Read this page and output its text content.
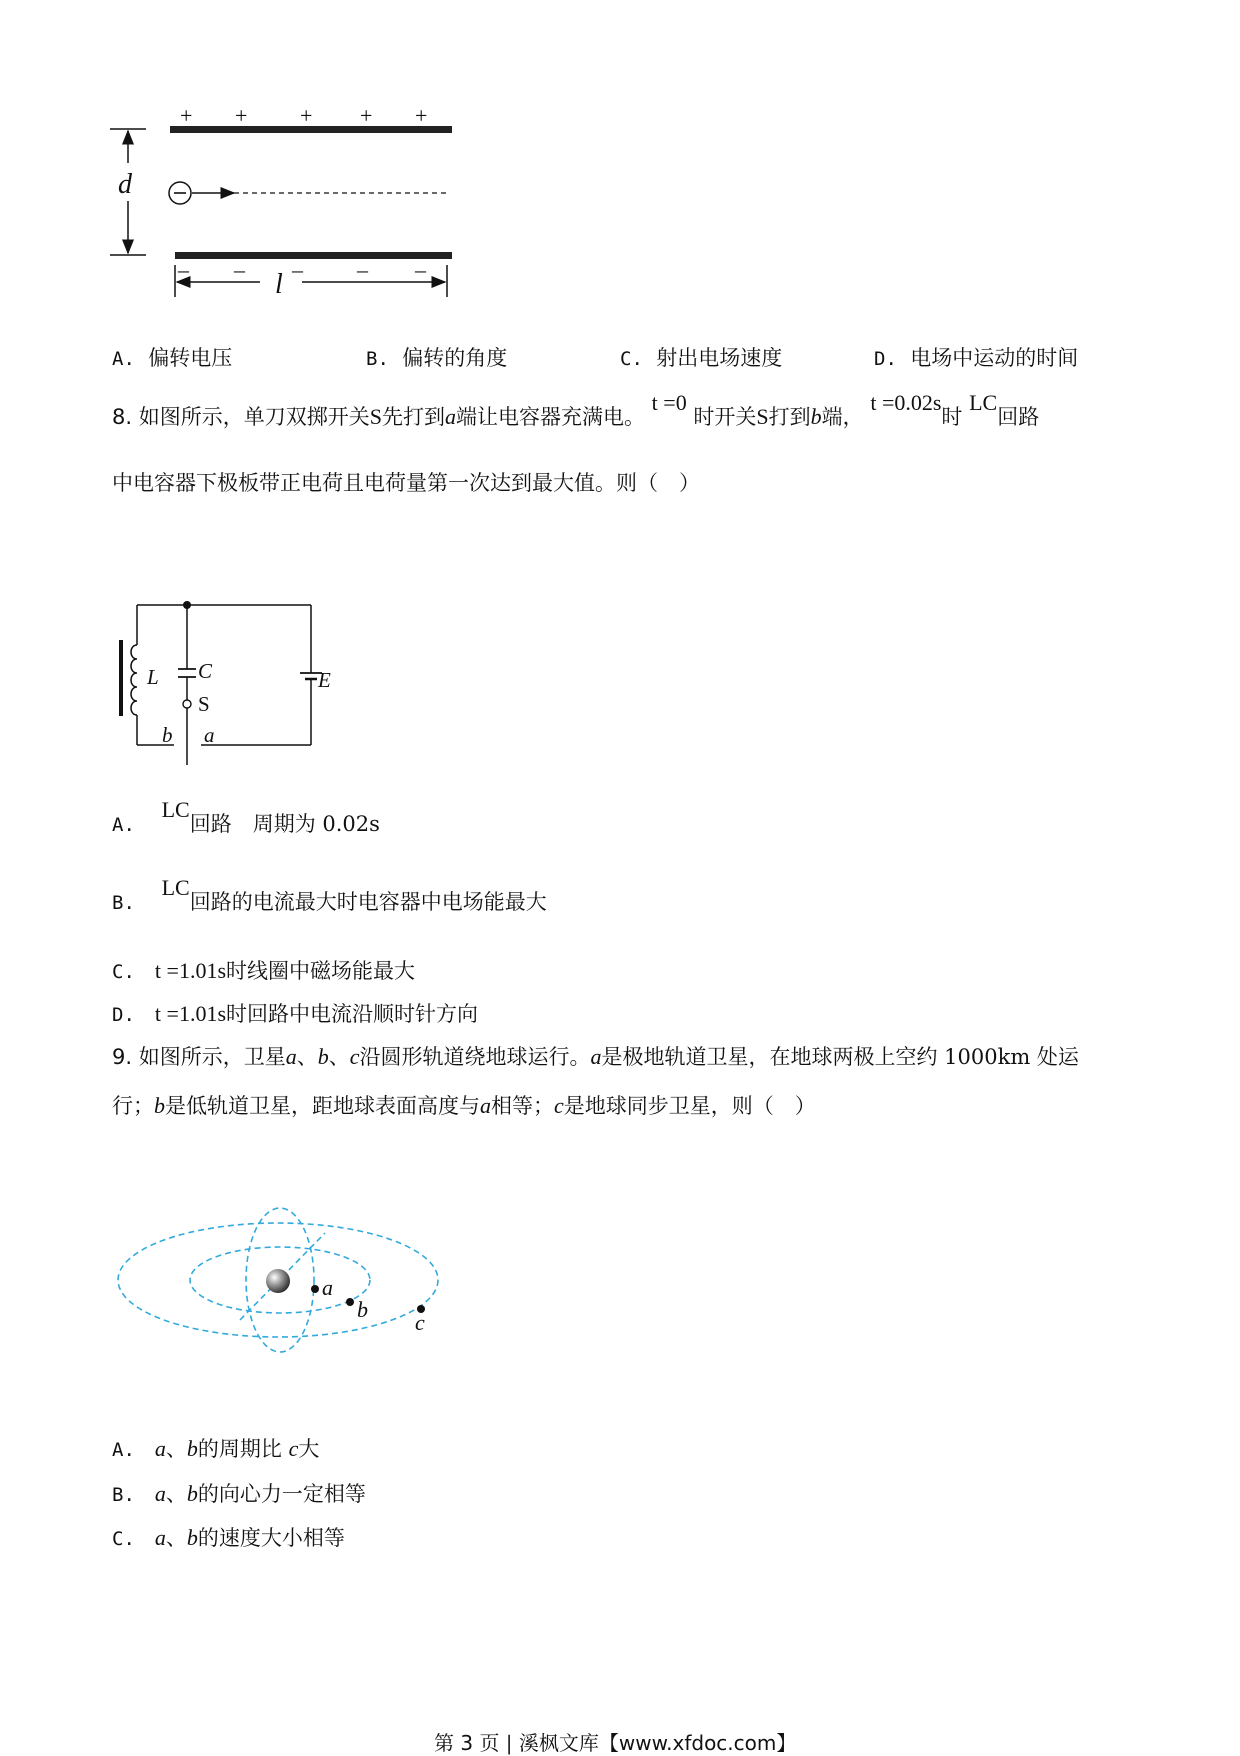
+ + + + +
– – – – –
d
l
A. 偏转电压	B. 偏转的角度	C. 射出电场速度	D. 电场中运动的时间
8. 如图所示，单刀双掷开关S先打到a端让电容器充满电。 t =0 时开关S打到b端， t =0.02s时 LC回路
中电容器下极板带正电荷且电荷量第一次达到最大值。则（　）
L C
S
E
b a
A.    LC回路　周期为 0.02s
B.    LC回路的电流最大时电容器中电场能最大
C. t =1.01s时线圈中磁场能最大
D. t =1.01s时回路中电流沿顺时针方向
9. 如图所示，卫星a、b、c沿圆形轨道绕地球运行。a是极地轨道卫星，在地球两极上空约 1000km 处运
行；b是低轨道卫星，距地球表面高度与a相等；c是地球同步卫星，则（　）
a
b
c
A. a、b的周期比 c大
B. a、b的向心力一定相等
C. a、b的速度大小相等
第 3 页 | 溪枫文库【www.xfdoc.com】
